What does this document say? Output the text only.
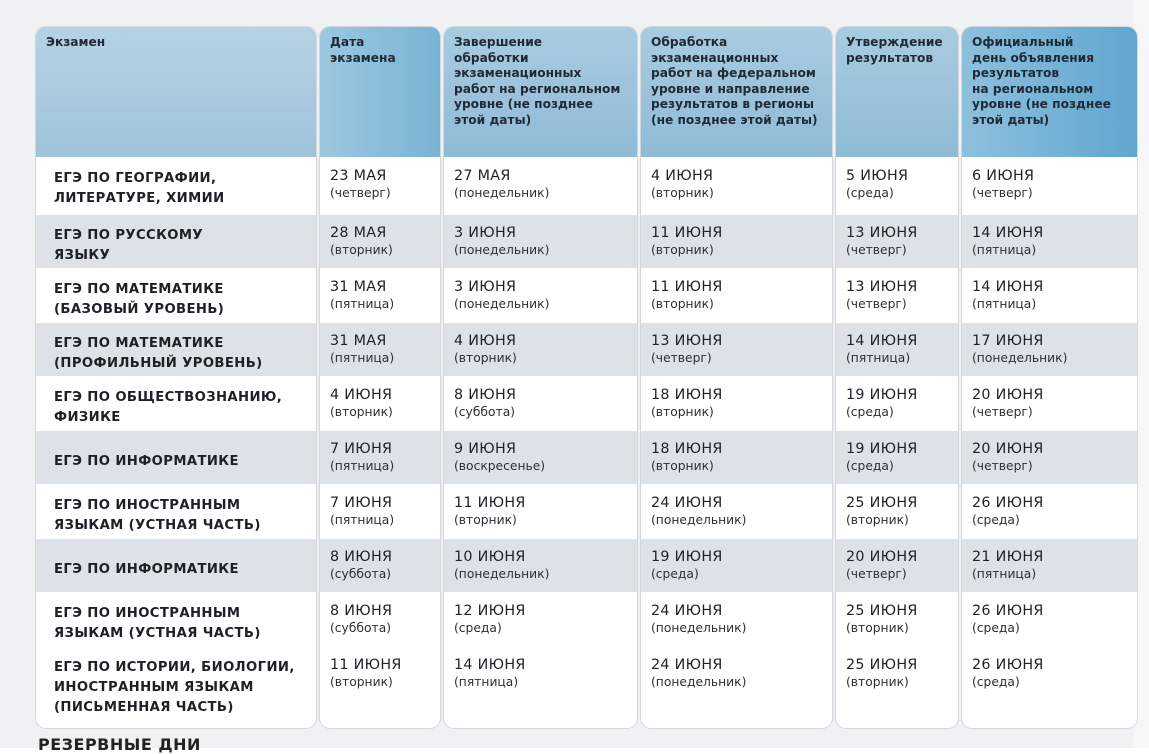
Экзамен
ЕГЭ ПО ГЕОГРАФИИ,
ЛИТЕРАТУРЕ, ХИМИИ
ЕГЭ ПО РУССКОМУ
ЯЗЫКУ
ЕГЭ ПО МАТЕМАТИКЕ
(БАЗОВЫЙ УРОВЕНЬ)
ЕГЭ ПО МАТЕМАТИКЕ
(ПРОФИЛЬНЫЙ УРОВЕНЬ)
ЕГЭ ПО ОБЩЕСТВОЗНАНИЮ,
ФИЗИКЕ
ЕГЭ ПО ИНФОРМАТИКЕ
ЕГЭ ПО ИНОСТРАННЫМ
ЯЗЫКАМ (УСТНАЯ ЧАСТЬ)
ЕГЭ ПО ИНФОРМАТИКЕ
ЕГЭ ПО ИНОСТРАННЫМ
ЯЗЫКАМ (УСТНАЯ ЧАСТЬ)
ЕГЭ ПО ИСТОРИИ, БИОЛОГИИ,
ИНОСТРАННЫМ ЯЗЫКАМ
(ПИСЬМЕННАЯ ЧАСТЬ)
Дата
экзамена
23 МАЯ
(четверг)
28 МАЯ
(вторник)
31 МАЯ
(пятница)
31 МАЯ
(пятница)
4 ИЮНЯ
(вторник)
7 ИЮНЯ
(пятница)
7 ИЮНЯ
(пятница)
8 ИЮНЯ
(суббота)
8 ИЮНЯ
(суббота)
11 ИЮНЯ
(вторник)
Завершение
обработки
экзаменационных
работ на региональном
уровне (не позднее
этой даты)
27 МАЯ
(понедельник)
3 ИЮНЯ
(понедельник)
3 ИЮНЯ
(понедельник)
4 ИЮНЯ
(вторник)
8 ИЮНЯ
(суббота)
9 ИЮНЯ
(воскресенье)
11 ИЮНЯ
(вторник)
10 ИЮНЯ
(понедельник)
12 ИЮНЯ
(среда)
14 ИЮНЯ
(пятница)
Обработка
экзаменационных
работ на федеральном
уровне и направление
результатов в регионы
(не позднее этой даты)
4 ИЮНЯ
(вторник)
11 ИЮНЯ
(вторник)
11 ИЮНЯ
(вторник)
13 ИЮНЯ
(четверг)
18 ИЮНЯ
(вторник)
18 ИЮНЯ
(вторник)
24 ИЮНЯ
(понедельник)
19 ИЮНЯ
(среда)
24 ИЮНЯ
(понедельник)
24 ИЮНЯ
(понедельник)
Утверждение
результатов
5 ИЮНЯ
(среда)
13 ИЮНЯ
(четверг)
13 ИЮНЯ
(четверг)
14 ИЮНЯ
(пятница)
19 ИЮНЯ
(среда)
19 ИЮНЯ
(среда)
25 ИЮНЯ
(вторник)
20 ИЮНЯ
(четверг)
25 ИЮНЯ
(вторник)
25 ИЮНЯ
(вторник)
Официальный
день объявления
результатов
на региональном
уровне (не позднее
этой даты)
6 ИЮНЯ
(четверг)
14 ИЮНЯ
(пятница)
14 ИЮНЯ
(пятница)
17 ИЮНЯ
(понедельник)
20 ИЮНЯ
(четверг)
20 ИЮНЯ
(четверг)
26 ИЮНЯ
(среда)
21 ИЮНЯ
(пятница)
26 ИЮНЯ
(среда)
26 ИЮНЯ
(среда)
РЕЗЕРВНЫЕ ДНИ
